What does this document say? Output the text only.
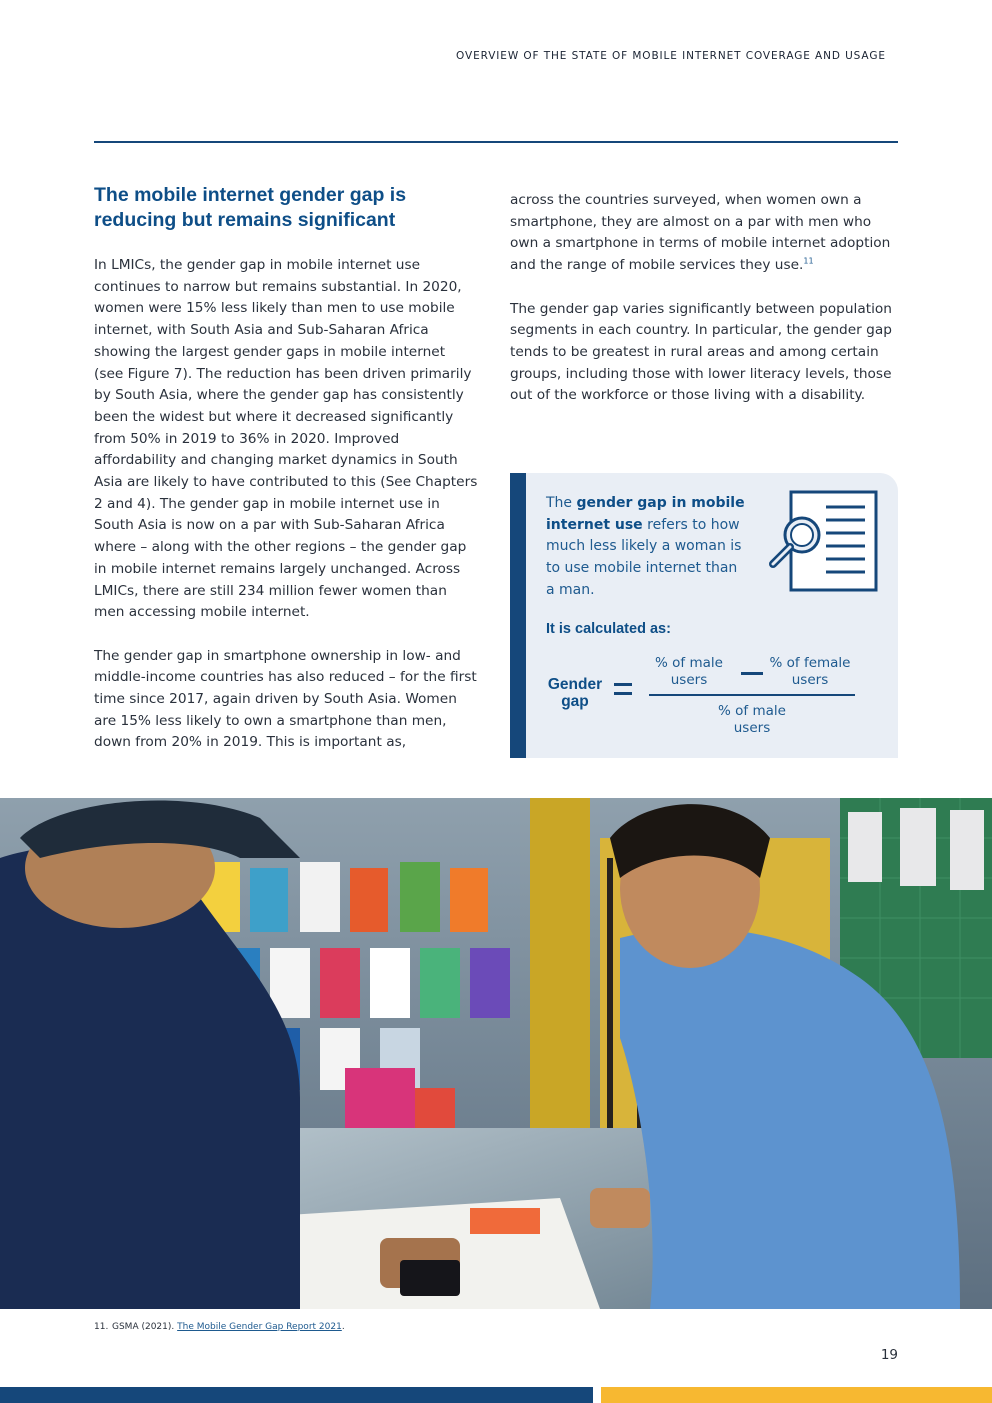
OVERVIEW OF THE STATE OF MOBILE INTERNET COVERAGE AND USAGE
The mobile internet gender gap is reducing but remains significant

In LMICs, the gender gap in mobile internet use continues to narrow but remains substantial. In 2020, women were 15% less likely than men to use mobile internet, with South Asia and Sub-Saharan Africa showing the largest gender gaps in mobile internet (see Figure 7). The reduction has been driven primarily by South Asia, where the gender gap has consistently been the widest but where it decreased significantly from 50% in 2019 to 36% in 2020. Improved affordability and changing market dynamics in South Asia are likely to have contributed to this (See Chapters 2 and 4). The gender gap in mobile internet use in South Asia is now on a par with Sub-Saharan Africa where – along with the other regions – the gender gap in mobile internet remains largely unchanged. Across LMICs, there are still 234 million fewer women than men accessing mobile internet.

The gender gap in smartphone ownership in low- and middle-income countries has also reduced – for the first time since 2017, again driven by South Asia. Women are 15% less likely to own a smartphone than men, down from 20% in 2019. This is important as,

across the countries surveyed, when women own a smartphone, they are almost on a par with men who own a smartphone in terms of mobile internet adoption and the range of mobile services they use.$^{11}$

The gender gap varies significantly between population segments in each country. In particular, the gender gap tends to be greatest in rural areas and among certain groups, including those with lower literacy levels, those out of the workforce or those living with a disability.

The gender gap in mobile internet use refers to how much less likely a woman is to use mobile internet than a man.
It is calculated as:
Gender gap
% of male users
% of female users
% of male users
11. GSMA (2021). The Mobile Gender Gap Report 2021.
19
